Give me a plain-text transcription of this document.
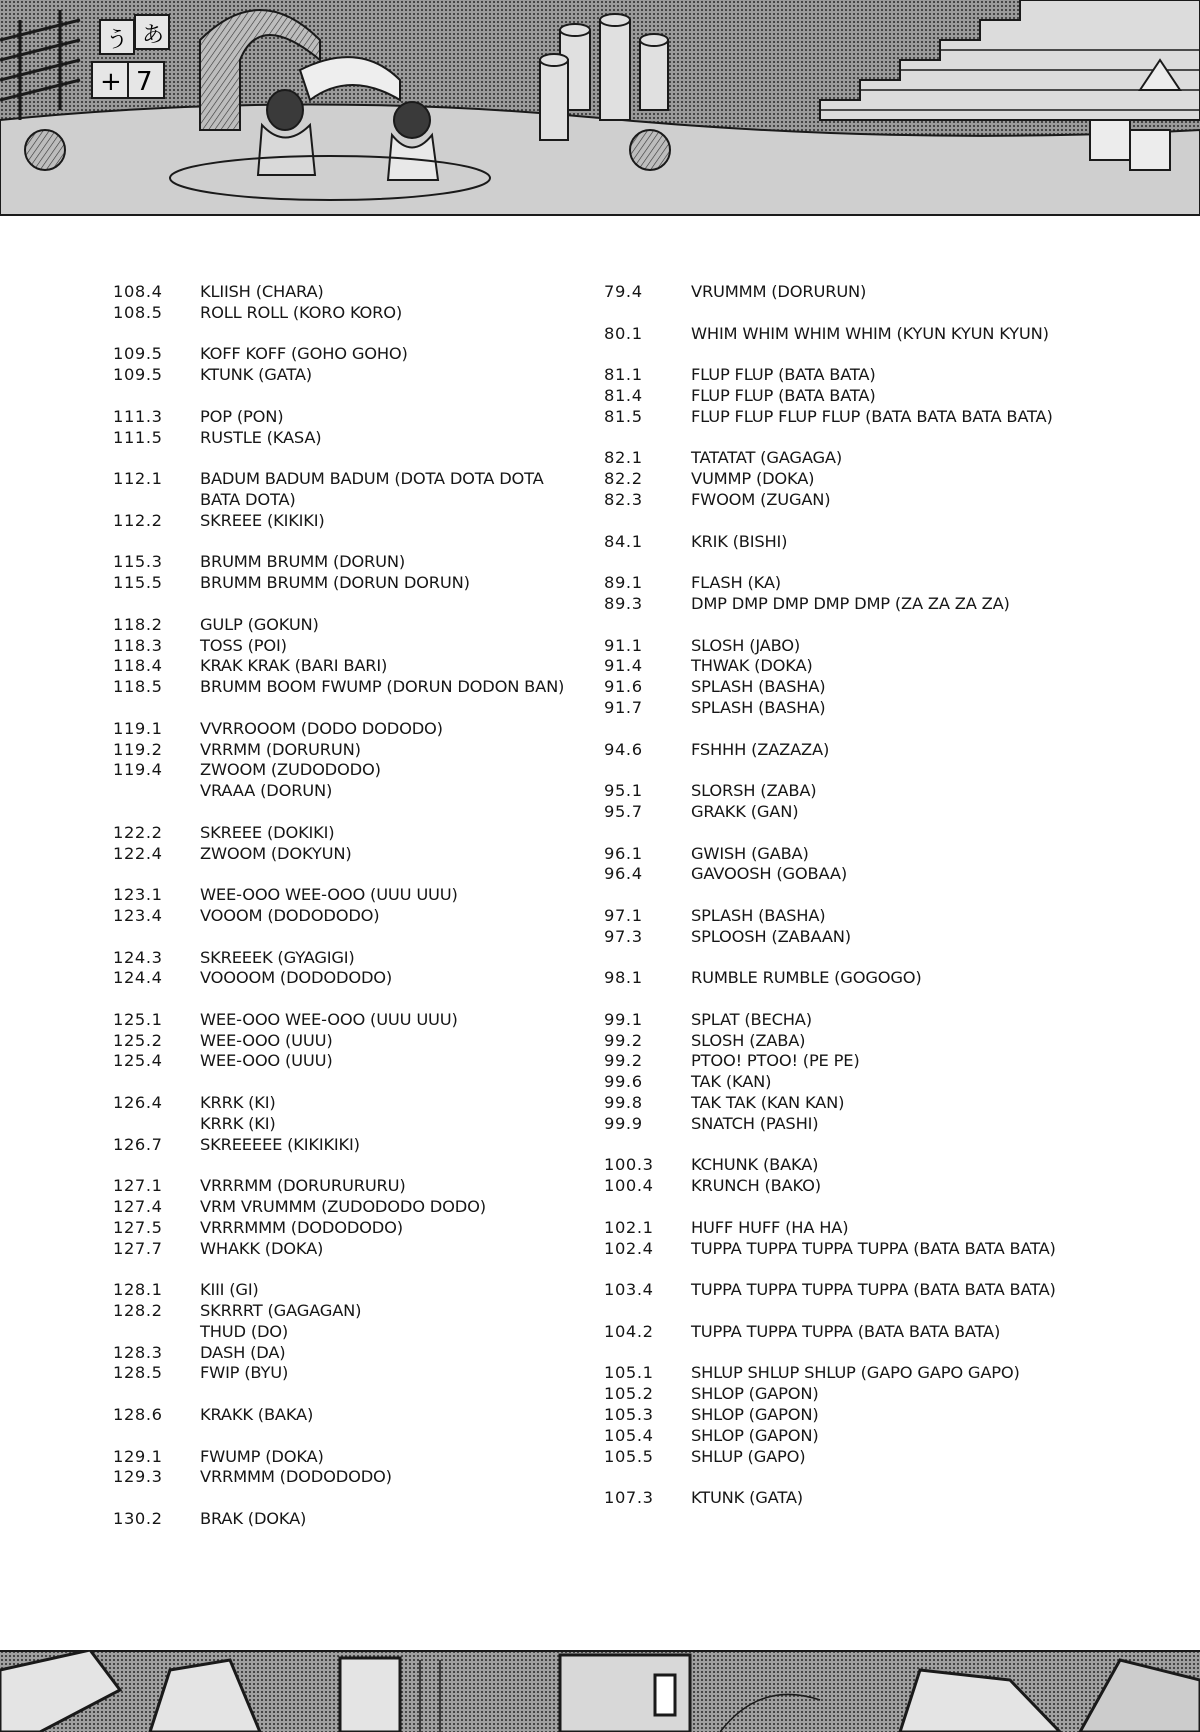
う あ
+ 7
108.4	KLIISH (CHARA)
108.5	ROLL ROLL (KORO KORO)
109.5	KOFF KOFF (GOHO GOHO)
109.5	KTUNK (GATA)
111.3	POP (PON)
111.5	RUSTLE (KASA)
112.1	BADUM BADUM BADUM (DOTA DOTA DOTA BATA DOTA)
112.2	SKREEE (KIKIKI)
115.3	BRUMM BRUMM (DORUN)
115.5	BRUMM BRUMM (DORUN DORUN)
118.2	GULP (GOKUN)
118.3	TOSS (POI)
118.4	KRAK KRAK (BARI BARI)
118.5	BRUMM BOOM FWUMP (DORUN DODON BAN)
119.1	VVRROOOM (DODO DODODO)
119.2	VRRMM (DORURUN)
119.4	ZWOOM (ZUDODODO)
VRAAA (DORUN)
122.2	SKREEE (DOKIKI)
122.4	ZWOOM (DOKYUN)
123.1	WEE-OOO WEE-OOO (UUU UUU)
123.4	VOOOM (DODODODO)
124.3	SKREEEK (GYAGIGI)
124.4	VOOOOM (DODODODO)
125.1	WEE-OOO WEE-OOO (UUU UUU)
125.2	WEE-OOO (UUU)
125.4	WEE-OOO (UUU)
126.4	KRRK (KI)
KRRK (KI)
126.7	SKREEEEE (KIKIKIKI)
127.1	VRRRMM (DORURURURU)
127.4	VRM VRUMMM (ZUDODODO DODO)
127.5	VRRRMMM (DODODODO)
127.7	WHAKK (DOKA)
128.1	KIII (GI)
128.2	SKRRRT (GAGAGAN)
THUD (DO)
128.3	DASH (DA)
128.5	FWIP (BYU)
128.6	KRAKK (BAKA)
129.1	FWUMP (DOKA)
129.3	VRRMMM (DODODODO)
130.2	BRAK (DOKA)
79.4	VRUMMM (DORURUN)
80.1	WHIM WHIM WHIM WHIM (KYUN KYUN KYUN)
81.1	FLUP FLUP (BATA BATA)
81.4	FLUP FLUP (BATA BATA)
81.5	FLUP FLUP FLUP FLUP (BATA BATA BATA BATA)
82.1	TATATAT (GAGAGA)
82.2	VUMMP (DOKA)
82.3	FWOOM (ZUGAN)
84.1	KRIK (BISHI)
89.1	FLASH (KA)
89.3	DMP DMP DMP DMP DMP (ZA ZA ZA ZA)
91.1	SLOSH (JABO)
91.4	THWAK (DOKA)
91.6	SPLASH (BASHA)
91.7	SPLASH (BASHA)
94.6	FSHHH (ZAZAZA)
95.1	SLORSH (ZABA)
95.7	GRAKK (GAN)
96.1	GWISH (GABA)
96.4	GAVOOSH (GOBAA)
97.1	SPLASH (BASHA)
97.3	SPLOOSH (ZABAAN)
98.1	RUMBLE RUMBLE (GOGOGO)
99.1	SPLAT (BECHA)
99.2	SLOSH (ZABA)
99.2	PTOO! PTOO! (PE PE)
99.6	TAK (KAN)
99.8	TAK TAK (KAN KAN)
99.9	SNATCH (PASHI)
100.3	KCHUNK (BAKA)
100.4	KRUNCH (BAKO)
102.1	HUFF HUFF (HA HA)
102.4	TUPPA TUPPA TUPPA TUPPA (BATA BATA BATA)
103.4	TUPPA TUPPA TUPPA TUPPA (BATA BATA BATA)
104.2	TUPPA TUPPA TUPPA (BATA BATA BATA)
105.1	SHLUP SHLUP SHLUP (GAPO GAPO GAPO)
105.2	SHLOP (GAPON)
105.3	SHLOP (GAPON)
105.4	SHLOP (GAPON)
105.5	SHLUP (GAPO)
107.3	KTUNK (GATA)
